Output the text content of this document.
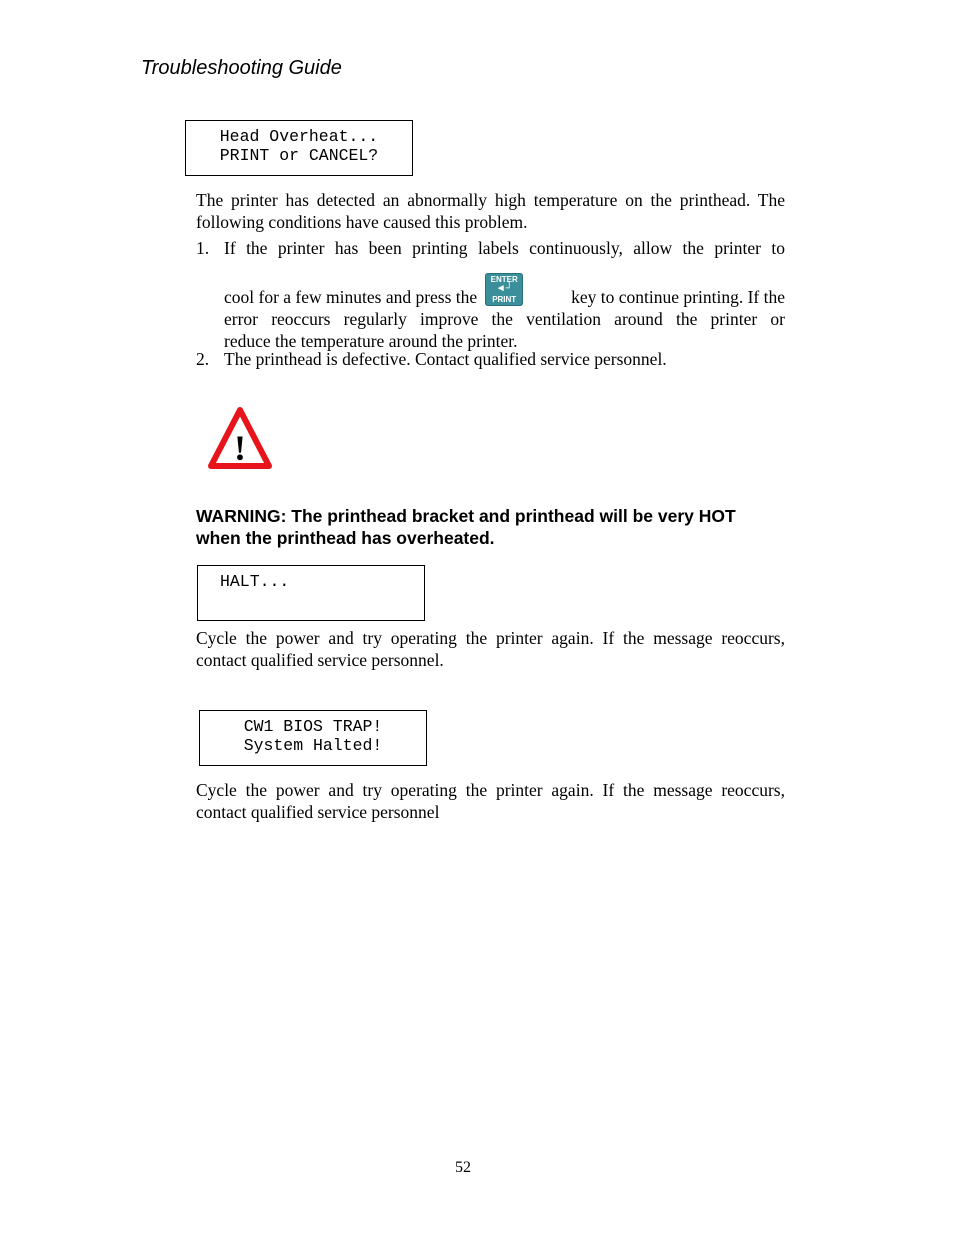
Troubleshooting Guide
Head Overheat...
PRINT or CANCEL?
The printer has detected an abnormally high temperature on the printhead. The
following conditions have caused this problem.
1. If the printer has been printing labels continuously, allow the printer to
cool for a few minutes and press the
ENTER
◄┘
PRINT	key to continue printing. If the
error reoccurs regularly improve the ventilation around the printer or
reduce the temperature around the printer.
2. The printhead is defective. Contact qualified service personnel.
!
WARNING: The printhead bracket and printhead will be very HOT
when the printhead has overheated.
HALT...
Cycle the power and try operating the printer again. If the message reoccurs,
contact qualified service personnel.
CW1 BIOS TRAP!
System Halted!
Cycle the power and try operating the printer again. If the message reoccurs,
contact qualified service personnel
52
